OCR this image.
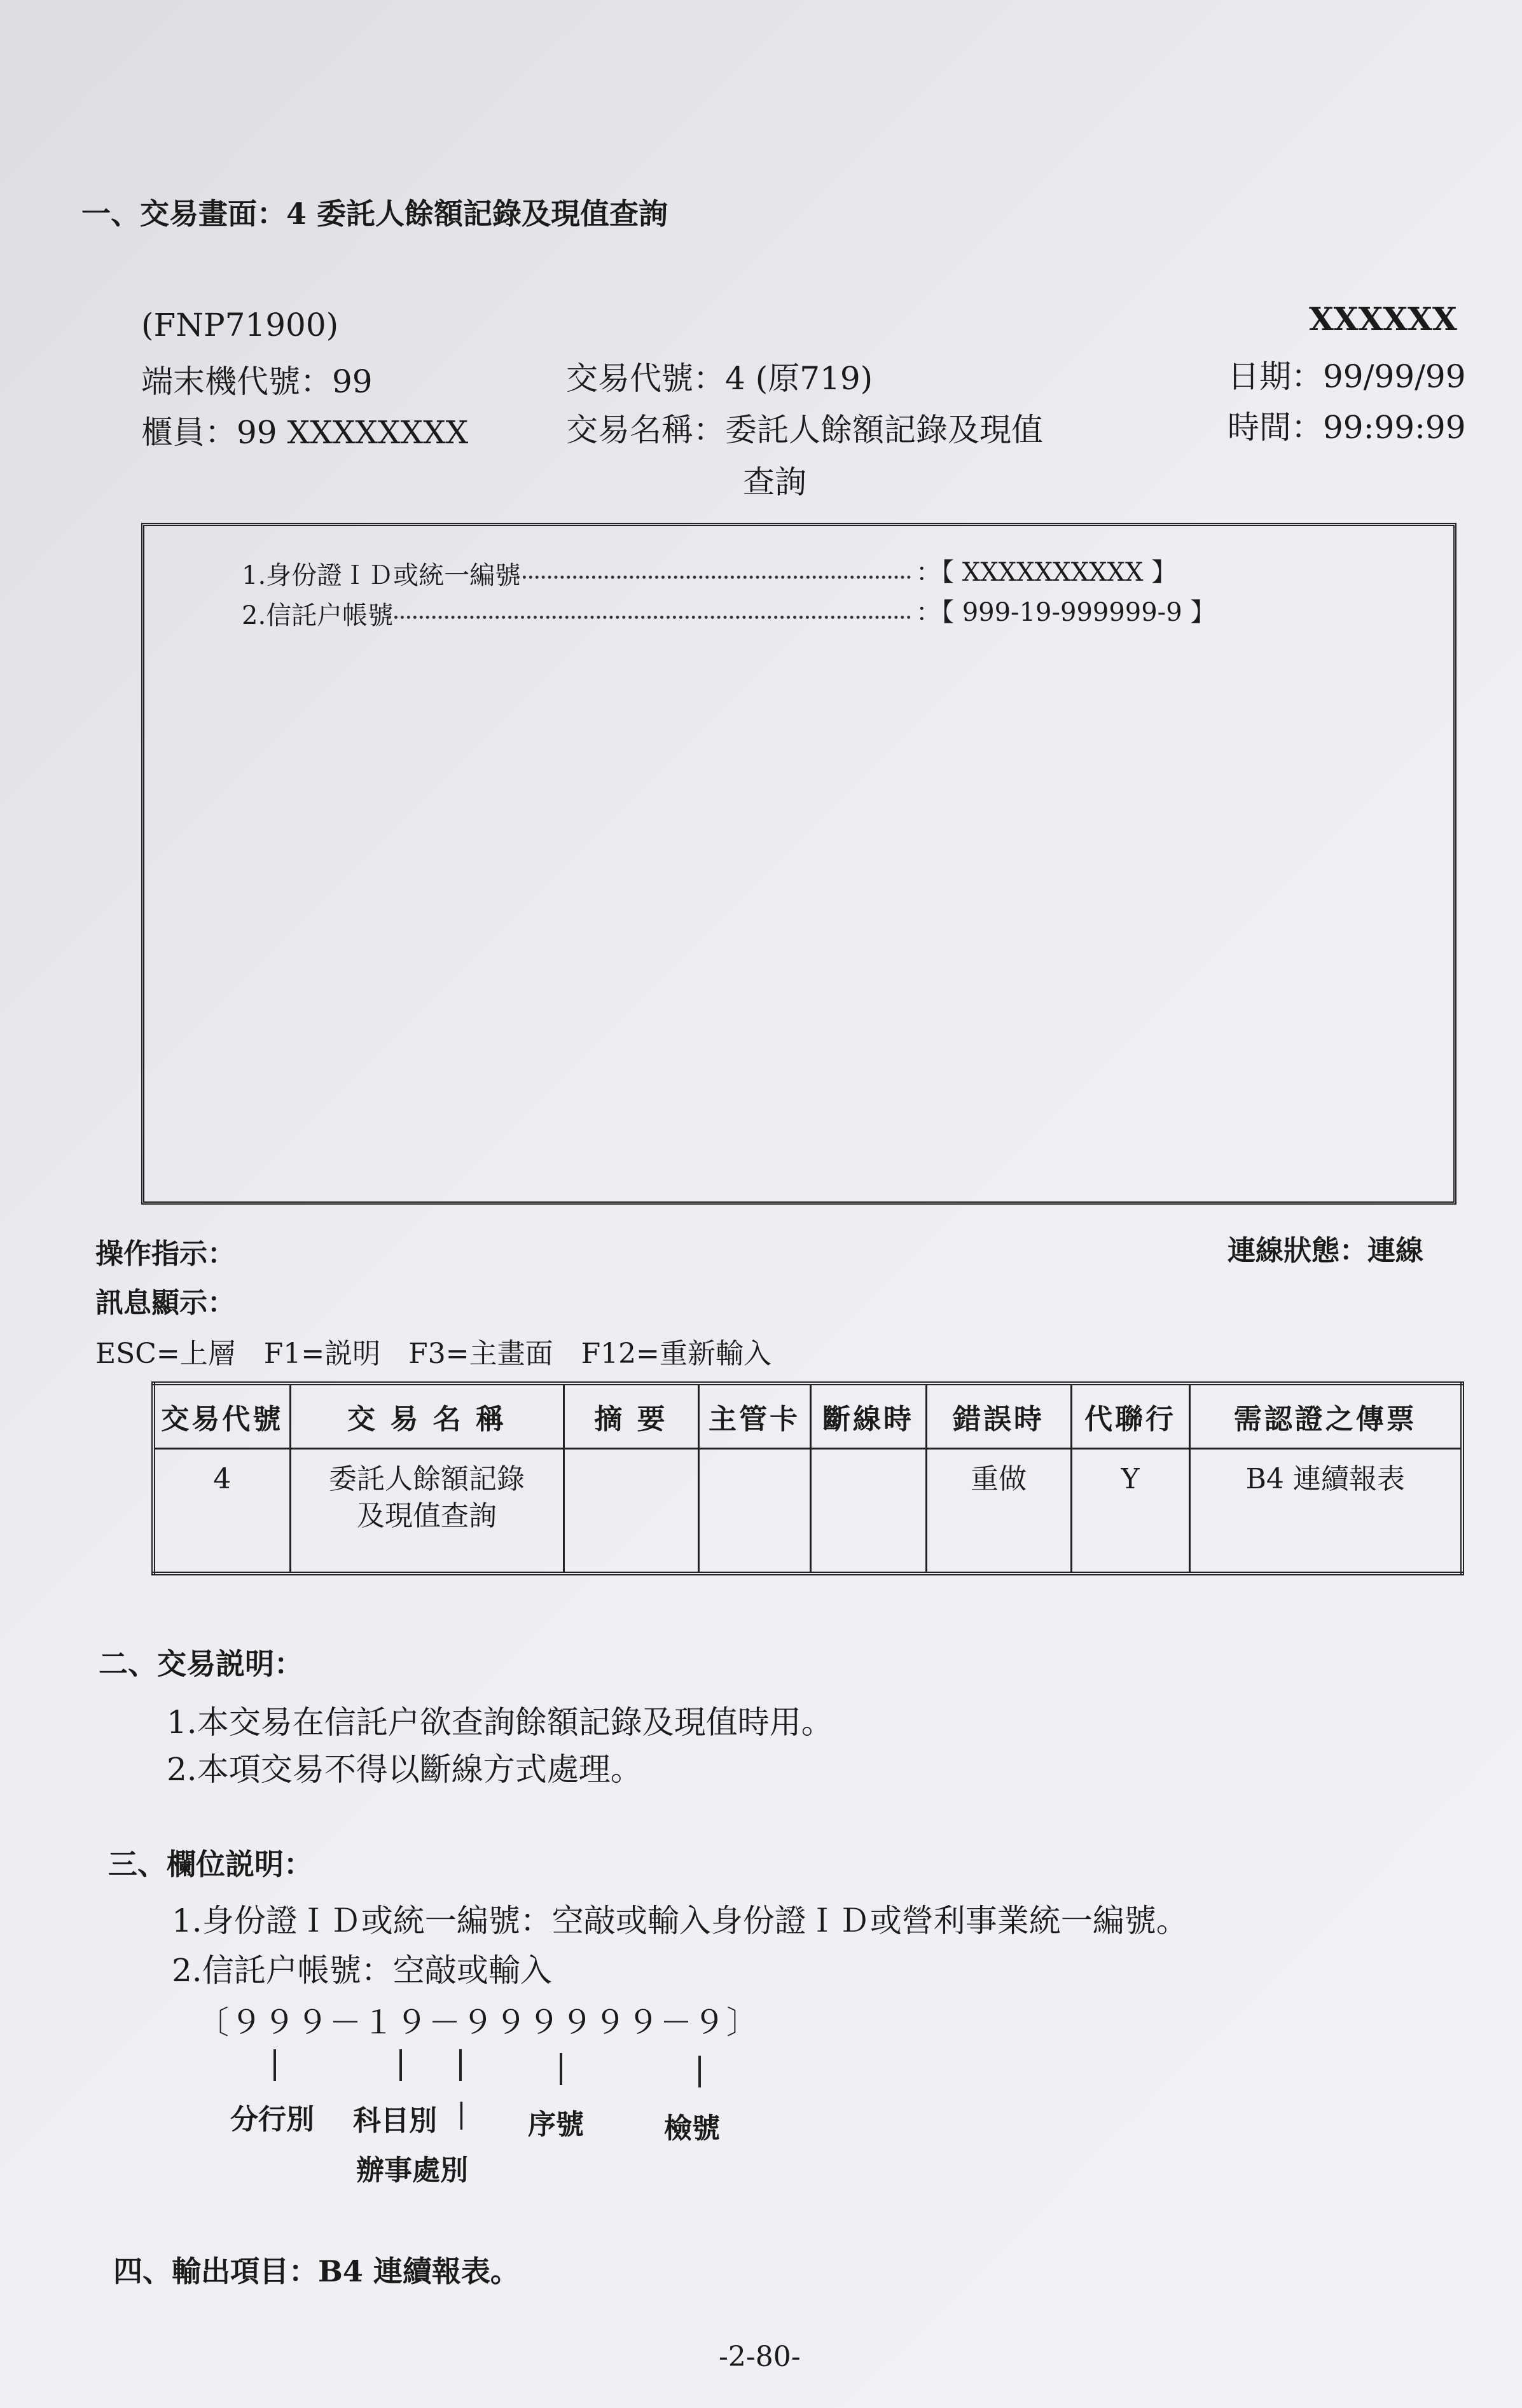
一、交易畫面：4 委託人餘額記錄及現值查詢
(FNP71900)	XXXXXX
端末機代號：99
櫃員：99 XXXXXXXX
交易代號：4 (原719)
交易名稱：委託人餘額記錄及現值
查詢
日期：99/99/99
時間：99:99:99
1.身份證ＩＤ或統一編號	：【 XXXXXXXXXX 】
2.信託户帳號	：【 999-19-999999-9 】
操作指示：	連線狀態：連線
訊息顯示：
ESC=上層　F1=説明　F3=主畫面　F12=重新輸入
交易代號	交 易 名 稱	摘 要	主管卡	斷線時	錯誤時	代聯行	需認證之傳票
4	委託人餘額記錄
及現值查詢				重做	Y	B4 連續報表
二、交易説明：
1.本交易在信託户欲查詢餘額記錄及現值時用。
2.本項交易不得以斷線方式處理。
三、欄位説明：
1.身份證ＩＤ或統一編號：空敲或輸入身份證ＩＤ或營利事業統一編號。
2.信託户帳號：空敲或輸入
〔９９９－１９－９９９９９９－９〕
分行別 科目別 |
辦事處別
序號	檢號
四、輸出項目：B4 連續報表。
-2-80-
